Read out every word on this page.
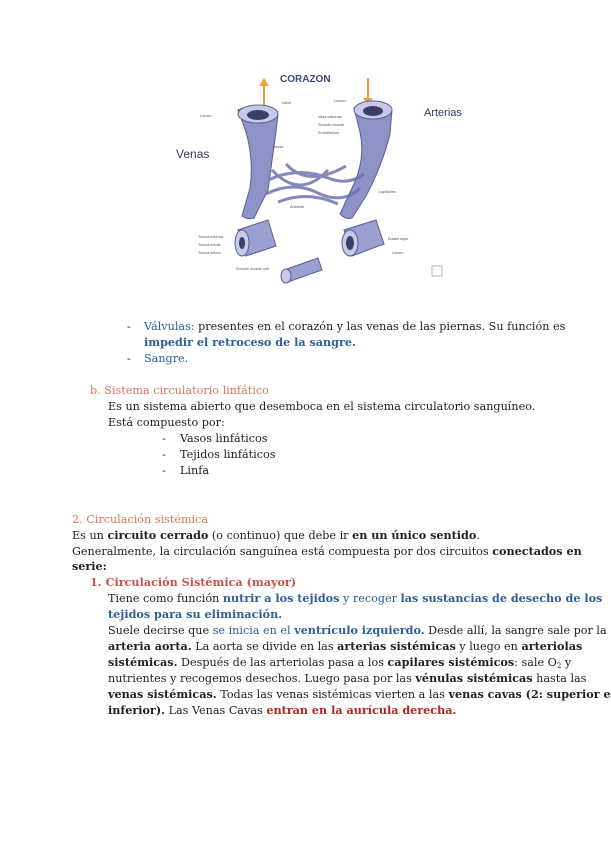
CORAZON
Venas
Arterias
Valve
Lumen
Lumen
Vasa vasorum
Smooth muscle
Endothelium
Capillaries
Venule
Arteriole
Tunica externa
Tunica media
Tunica intima
Elastic layer
Smooth muscle cell
Lumen
- Válvulas: presentes en el corazón y las venas de las piernas. Su función es
impedir el retroceso de la sangre.
- Sangre.
b. Sistema circulatorio linfático
Es un sistema abierto que desemboca en el sistema circulatorio sanguíneo.
Está compuesto por:
- Vasos linfáticos
- Tejidos linfáticos
- Linfa
2. Circulación sistémica
Es un circuito cerrado (o continuo) que debe ir en un único sentido.
Generalmente, la circulación sanguínea está compuesta por dos circuitos conectados en
serie:
1. Circulación Sistémica (mayor)
Tiene como función nutrir a los tejidos y recoger las sustancias de desecho de los
tejidos para su eliminación.
Suele decirse que se inicia en el ventrículo izquierdo. Desde allí, la sangre sale por la
arteria aorta. La aorta se divide en las arterias sistémicas y luego en arteriolas
sistémicas. Después de las arteriolas pasa a los capilares sistémicos: sale $O_2$ y
nutrientes y recogemos desechos. Luego pasa por las vénulas sistémicas hasta las
venas sistémicas. Todas las venas sistémicas vierten a las venas cavas (2: superior e
inferior). Las Venas Cavas entran en la aurícula derecha.
